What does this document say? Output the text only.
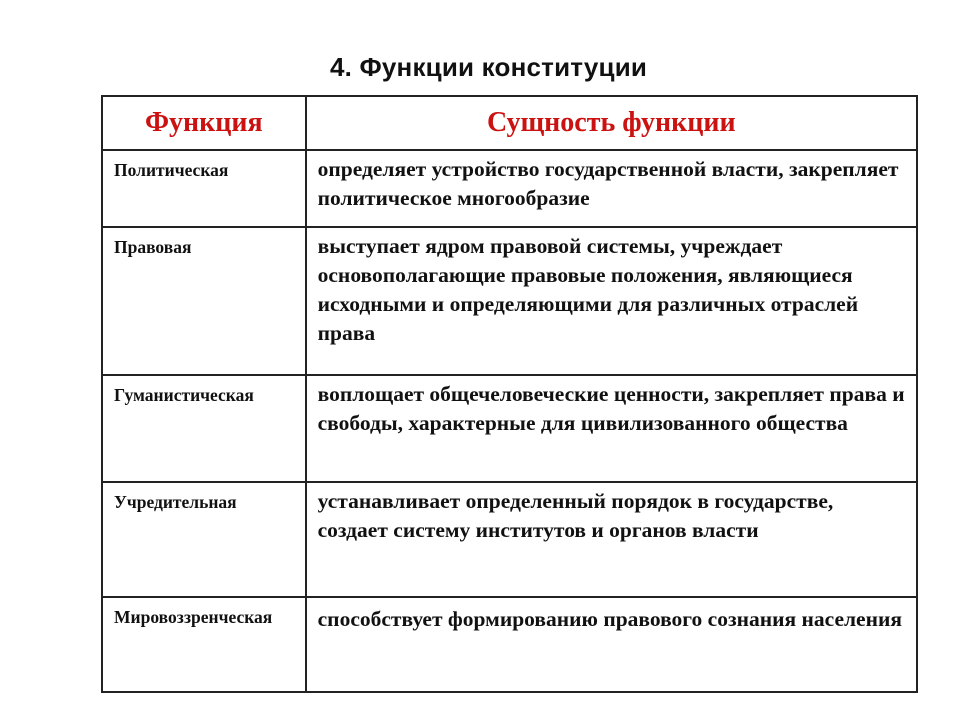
4. Функции конституции
Функция	Сущность функции
Политическая	определяет устройство государственной власти, закрепляет политическое многообразие
Правовая	выступает ядром правовой системы, учреждает основополагающие правовые положения, являющиеся исходными и определяющими для различных отраслей права
Гуманистическая	воплощает общечеловеческие ценности, закрепляет права и свободы, характерные для цивилизованного общества
Учредительная	устанавливает определенный порядок в государстве, создает систему институтов и органов власти
Мировоззренческая	способствует формированию правового сознания населения
